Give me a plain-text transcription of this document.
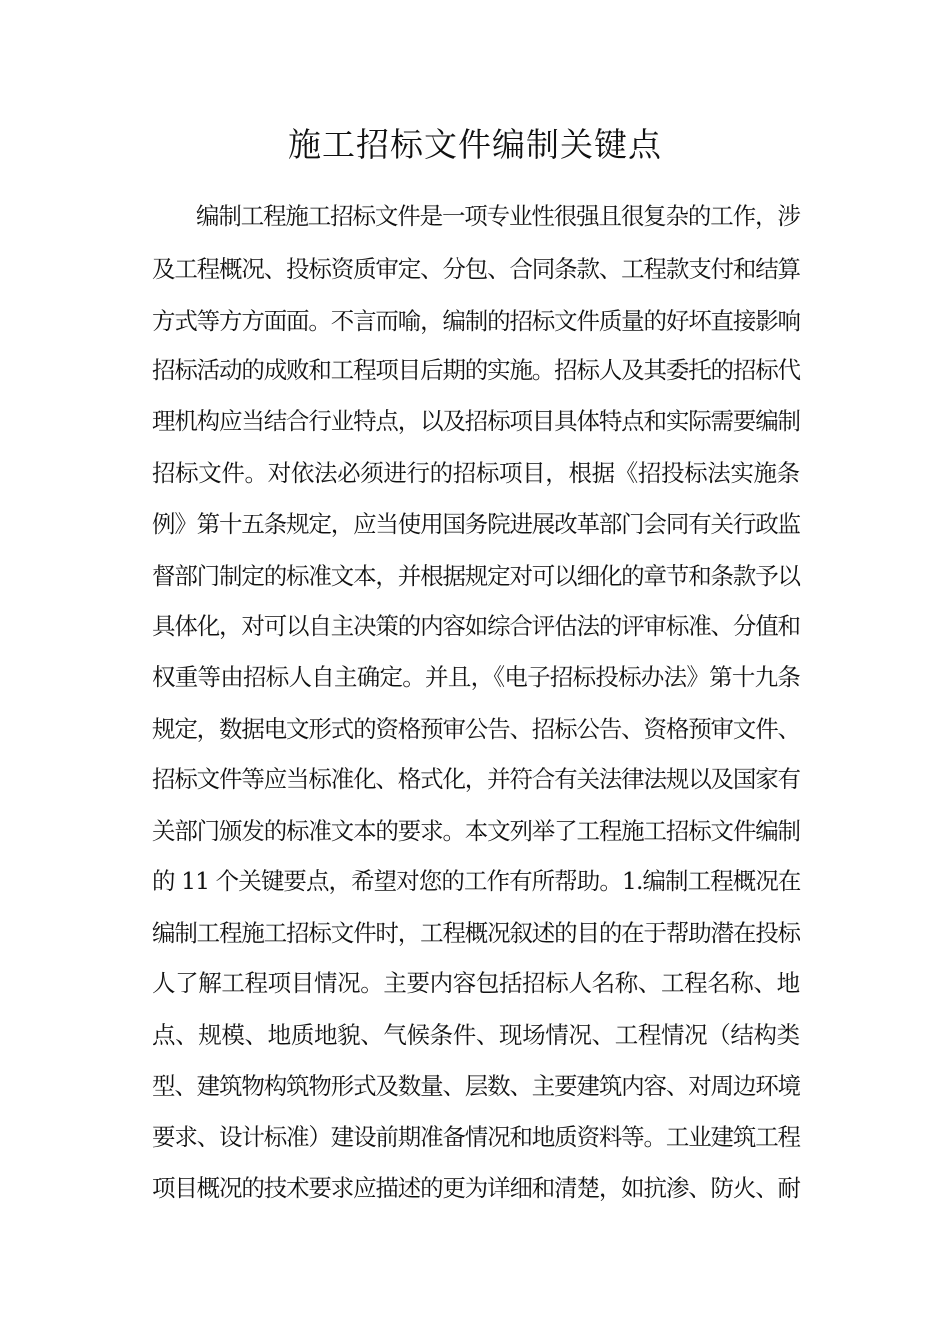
施工招标文件编制关键点
编制工程施工招标文件是一项专业性很强且很复杂的工作，涉
及工程概况、投标资质审定、分包、合同条款、工程款支付和结算
方式等方方面面。不言而喻，编制的招标文件质量的好坏直接影响
招标活动的成败和工程项目后期的实施。招标人及其委托的招标代
理机构应当结合行业特点，以及招标项目具体特点和实际需要编制
招标文件。对依法必须进行的招标项目，根据《招投标法实施条
例》第十五条规定，应当使用国务院进展改革部门会同有关行政监
督部门制定的标准文本，并根据规定对可以细化的章节和条款予以
具体化，对可以自主决策的内容如综合评估法的评审标准、分值和
权重等由招标人自主确定。并且，《电子招标投标办法》第十九条
规定，数据电文形式的资格预审公告、招标公告、资格预审文件、
招标文件等应当标准化、格式化，并符合有关法律法规以及国家有
关部门颁发的标准文本的要求。本文列举了工程施工招标文件编制
的 11 个关键要点，希望对您的工作有所帮助。1.编制工程概况在
编制工程施工招标文件时，工程概况叙述的目的在于帮助潜在投标
人了解工程项目情况。主要内容包括招标人名称、工程名称、地
点、规模、地质地貌、气候条件、现场情况、工程情况（结构类
型、建筑物构筑物形式及数量、层数、主要建筑内容、对周边环境
要求、设计标准）建设前期准备情况和地质资料等。工业建筑工程
项目概况的技术要求应描述的更为详细和清楚，如抗渗、防火、耐
